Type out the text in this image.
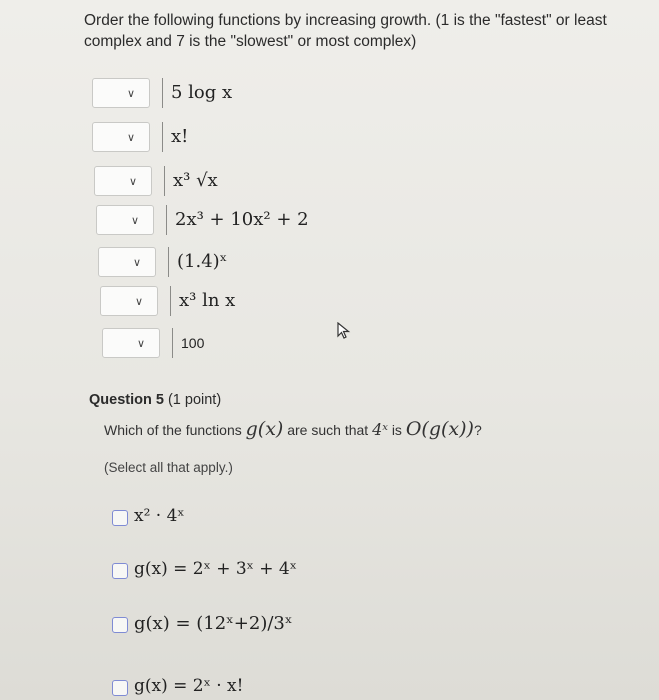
Order the following functions by increasing growth. (1 is the "fastest" or least complex and 7 is the "slowest" or most complex)
∨	5 log x
∨	x!
∨	x³ √x
∨	2x³ + 10x² + 2
∨	(1.4)ˣ
∨	x³ ln x
∨	100
Question 5 (1 point)
Which of the functions g(x) are such that 4ˣ is O(g(x))?
(Select all that apply.)
x² · 4ˣ
g(x) = 2ˣ + 3ˣ + 4ˣ
g(x) = (12ˣ+2)/3ˣ
g(x) = 2ˣ · x!
